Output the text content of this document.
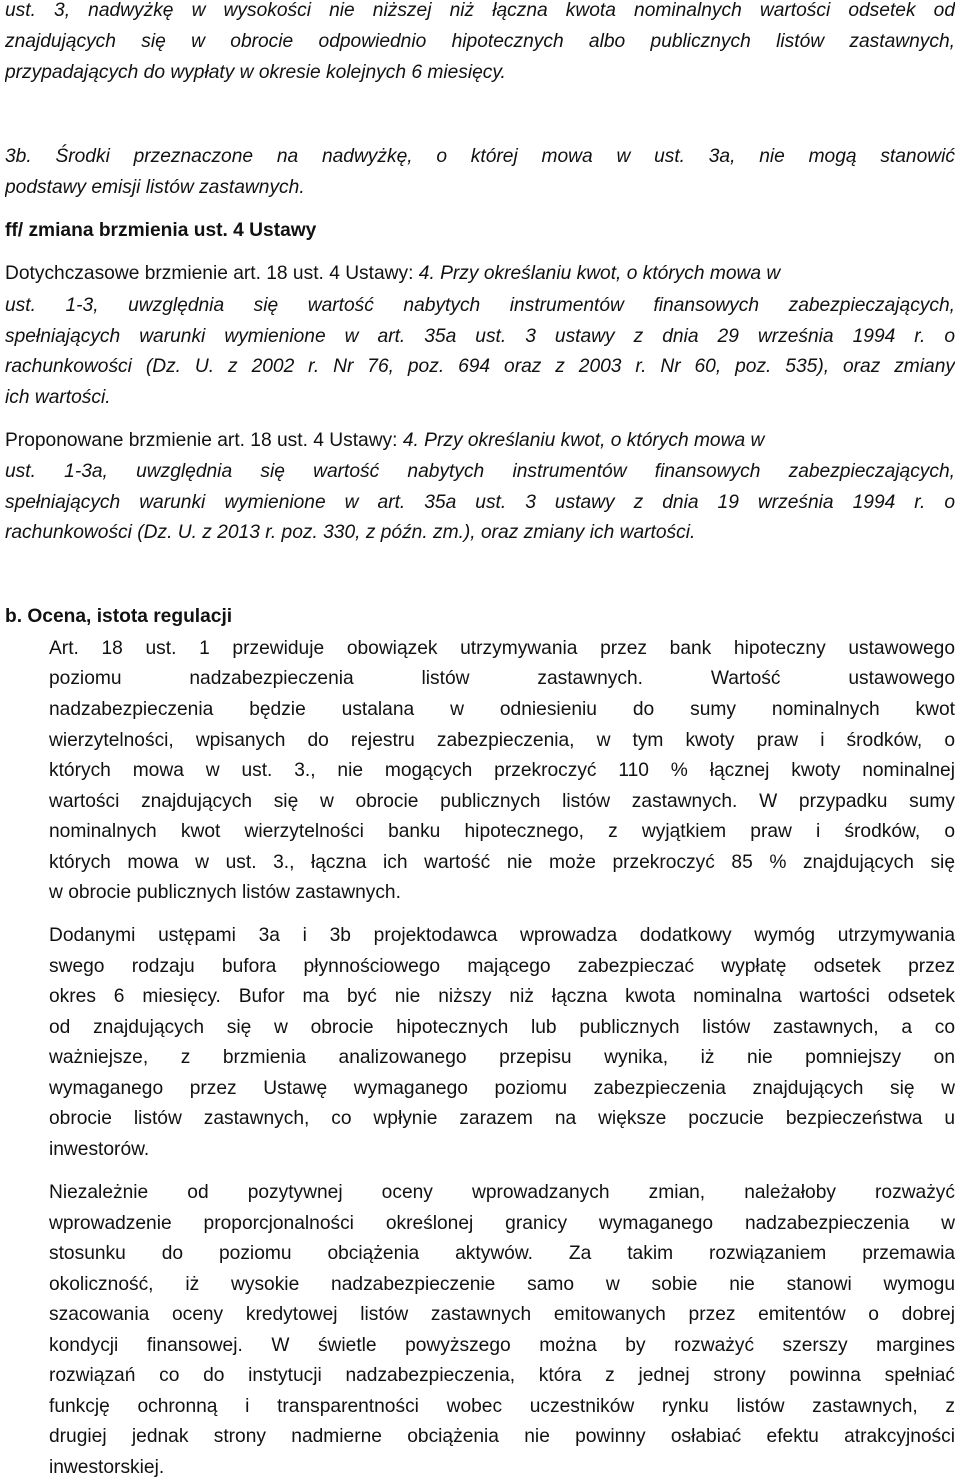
ust. 3, nadwyżkę w wysokości nie niższej niż łączna kwota nominalnych wartości odsetek od
znajdujących się w obrocie odpowiednio hipotecznych albo publicznych listów zastawnych,
przypadających do wypłaty w okresie kolejnych 6 miesięcy.
3b. Środki przeznaczone na nadwyżkę, o której mowa w ust. 3a, nie mogą stanowić
podstawy emisji listów zastawnych.
ff/ zmiana brzmienia ust. 4 Ustawy
Dotychczasowe brzmienie art. 18 ust. 4 Ustawy: 4. Przy określaniu kwot, o których mowa w
ust. 1-3, uwzględnia się wartość nabytych instrumentów finansowych zabezpieczających,
spełniających warunki wymienione w art. 35a ust. 3 ustawy z dnia 29 września 1994 r. o
rachunkowości (Dz. U. z 2002 r. Nr 76, poz. 694 oraz z 2003 r. Nr 60, poz. 535), oraz zmiany
ich wartości.
Proponowane brzmienie art. 18 ust. 4 Ustawy: 4. Przy określaniu kwot, o których mowa w
ust. 1-3a, uwzględnia się wartość nabytych instrumentów finansowych zabezpieczających,
spełniających warunki wymienione w art. 35a ust. 3 ustawy z dnia 19 września 1994 r. o
rachunkowości (Dz. U. z 2013 r. poz. 330, z późn. zm.), oraz zmiany ich wartości.
b. Ocena, istota regulacji
Art. 18 ust. 1 przewiduje obowiązek utrzymywania przez bank hipoteczny ustawowego
poziomu nadzabezpieczenia listów zastawnych. Wartość ustawowego
nadzabezpieczenia będzie ustalana w odniesieniu do sumy nominalnych kwot
wierzytelności, wpisanych do rejestru zabezpieczenia, w tym kwoty praw i środków, o
których mowa w ust. 3., nie mogących przekroczyć 110 % łącznej kwoty nominalnej
wartości znajdujących się w obrocie publicznych listów zastawnych. W przypadku sumy
nominalnych kwot wierzytelności banku hipotecznego, z wyjątkiem praw i środków, o
których mowa w ust. 3., łączna ich wartość nie może przekroczyć 85 % znajdujących się
w obrocie publicznych listów zastawnych.
Dodanymi ustępami 3a i 3b projektodawca wprowadza dodatkowy wymóg utrzymywania
swego rodzaju bufora płynnościowego mającego zabezpieczać wypłatę odsetek przez
okres 6 miesięcy. Bufor ma być nie niższy niż łączna kwota nominalna wartości odsetek
od znajdujących się w obrocie hipotecznych lub publicznych listów zastawnych, a co
ważniejsze, z brzmienia analizowanego przepisu wynika, iż nie pomniejszy on
wymaganego przez Ustawę wymaganego poziomu zabezpieczenia znajdujących się w
obrocie listów zastawnych, co wpłynie zarazem na większe poczucie bezpieczeństwa u
inwestorów.
Niezależnie od pozytywnej oceny wprowadzanych zmian, należałoby rozważyć
wprowadzenie proporcjonalności określonej granicy wymaganego nadzabezpieczenia w
stosunku do poziomu obciążenia aktywów. Za takim rozwiązaniem przemawia
okoliczność, iż wysokie nadzabezpieczenie samo w sobie nie stanowi wymogu
szacowania oceny kredytowej listów zastawnych emitowanych przez emitentów o dobrej
kondycji finansowej. W świetle powyższego można by rozważyć szerszy margines
rozwiązań co do instytucji nadzabezpieczenia, która z jednej strony powinna spełniać
funkcję ochronną i transparentności wobec uczestników rynku listów zastawnych, z
drugiej jednak strony nadmierne obciążenia nie powinny osłabiać efektu atrakcyjności
inwestorskiej.
